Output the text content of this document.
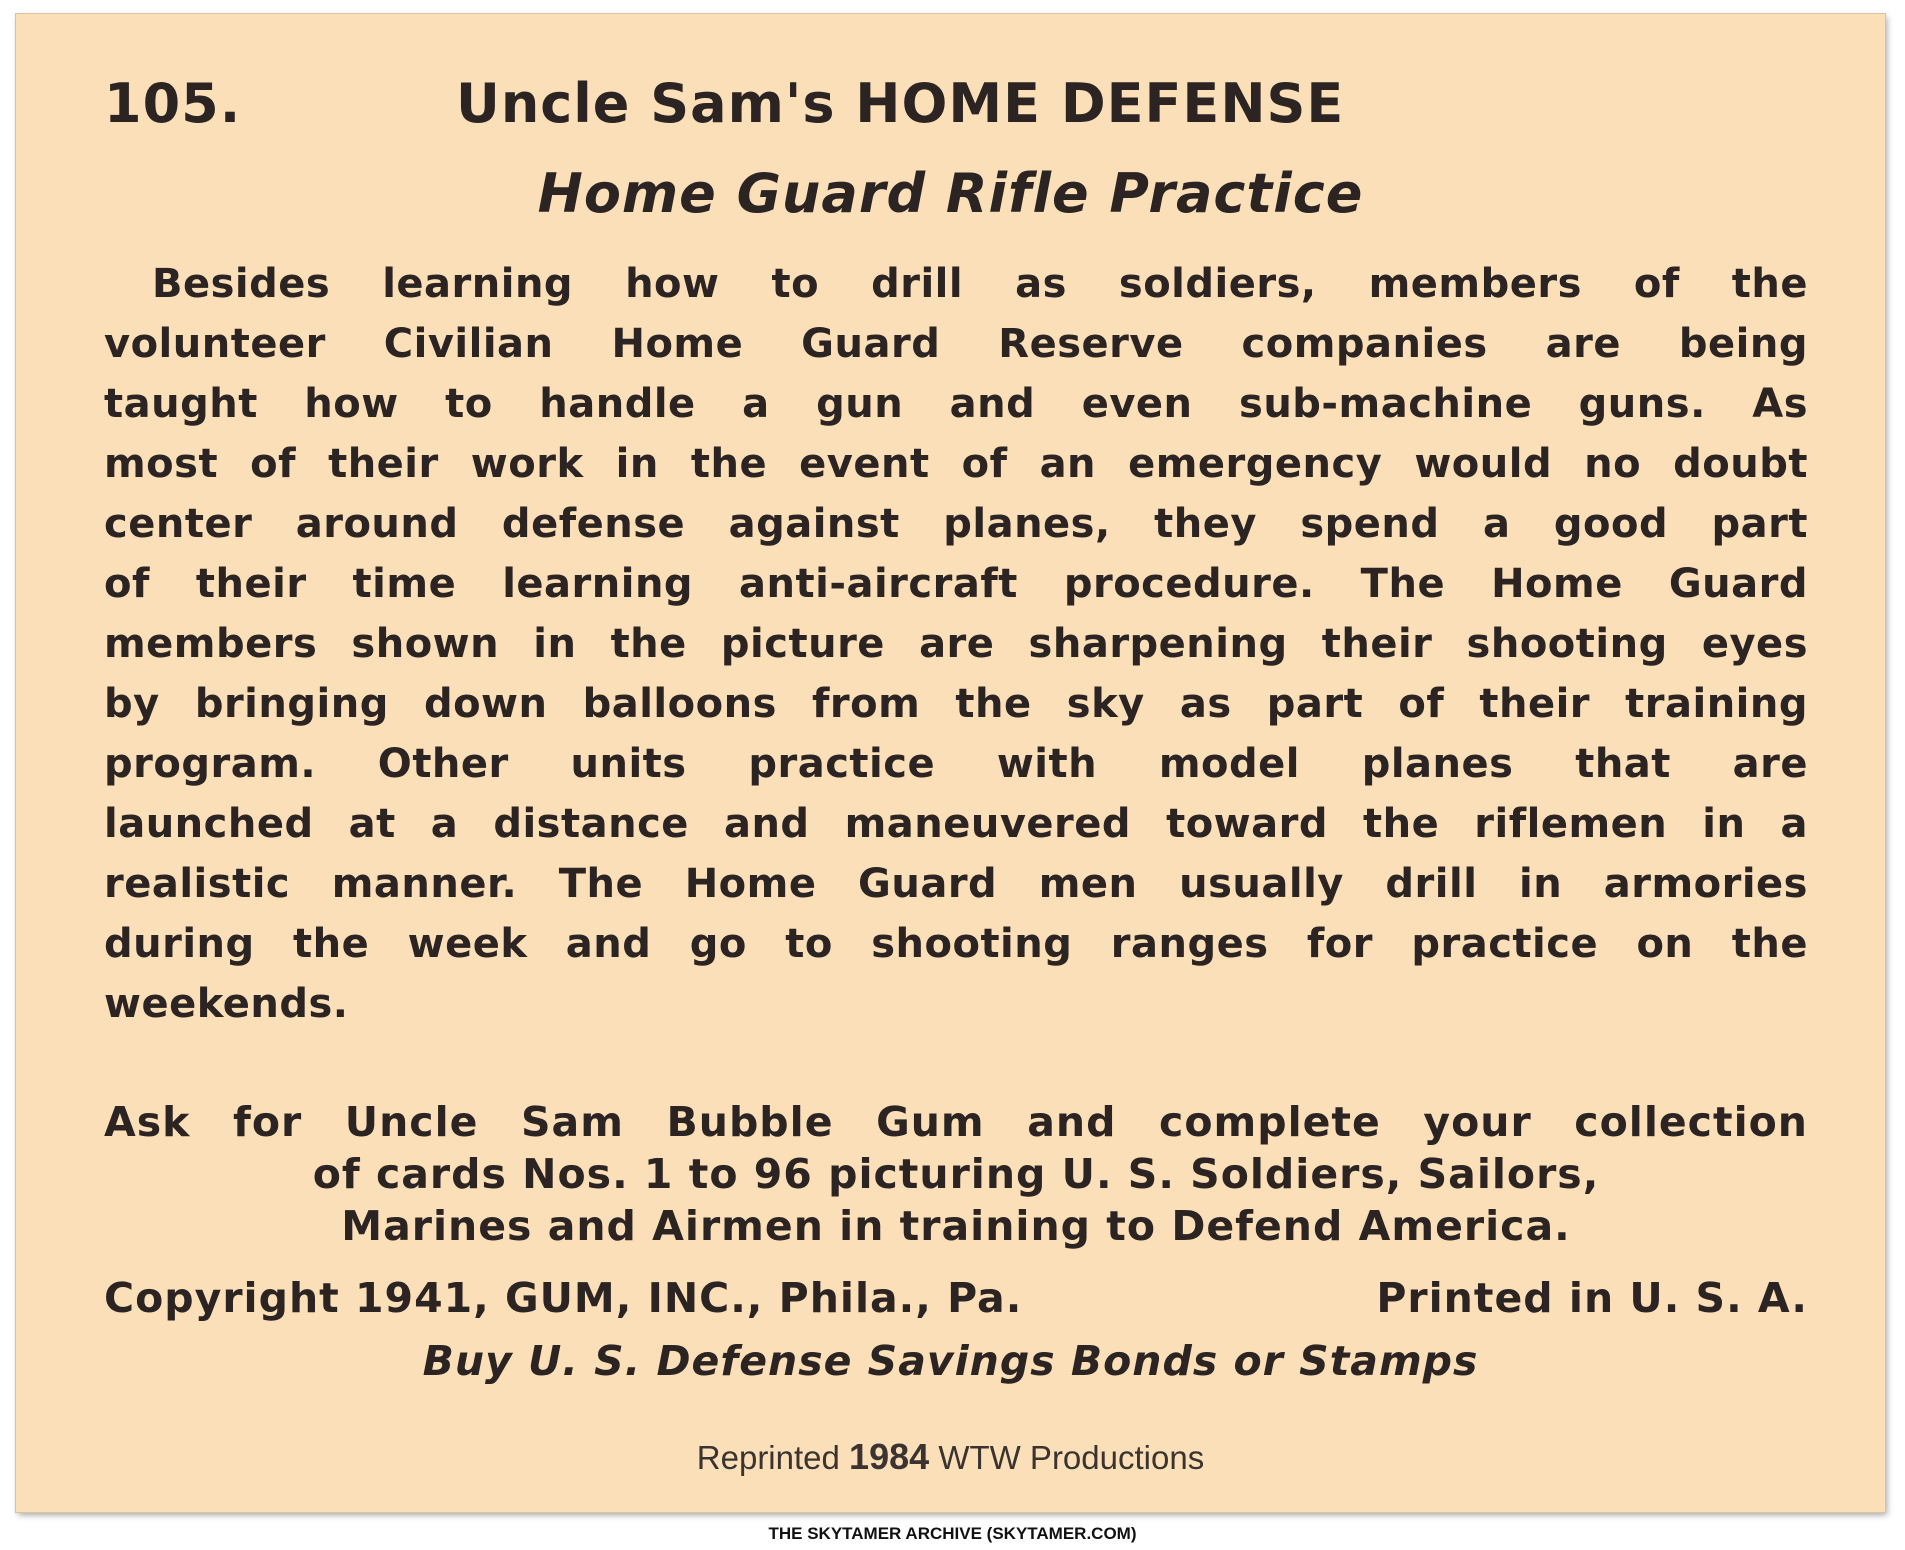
105.	Uncle Sam's HOME DEFENSE
Home Guard Rifle Practice
Besides learning how to drill as soldiers, members of the
volunteer Civilian Home Guard Reserve companies are being
taught how to handle a gun and even sub-machine guns. As
most of their work in the event of an emergency would no doubt
center around defense against planes, they spend a good part
of their time learning anti-aircraft procedure. The Home Guard
members shown in the picture are sharpening their shooting eyes
by bringing down balloons from the sky as part of their training
program. Other units practice with model planes that are
launched at a distance and maneuvered toward the riflemen in a
realistic manner. The Home Guard men usually drill in armories
during the week and go to shooting ranges for practice on the
weekends.
Ask for Uncle Sam Bubble Gum and complete your collection
of cards Nos. 1 to 96 picturing U. S. Soldiers, Sailors,
Marines and Airmen in training to Defend America.
Copyright 1941, GUM, INC., Phila., Pa.	Printed in U. S. A.
Buy U. S. Defense Savings Bonds or Stamps
Reprinted 1984 WTW Productions
THE SKYTAMER ARCHIVE (SKYTAMER.COM)
